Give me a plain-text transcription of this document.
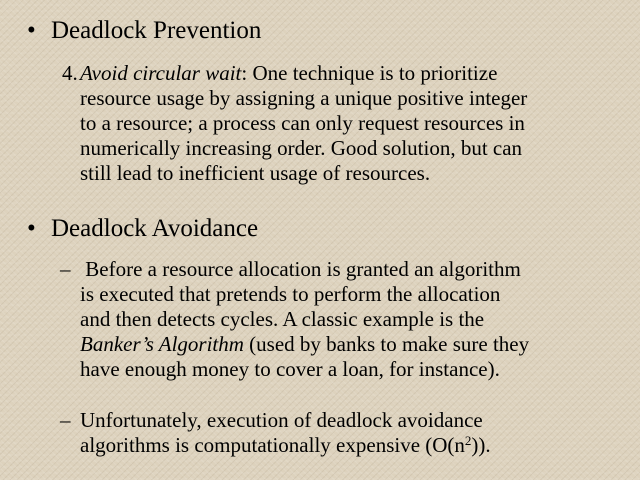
• Deadlock Prevention
4. Avoid circular wait: One technique is to prioritize
resource usage by assigning a unique positive integer
to a resource; a process can only request resources in
numerically increasing order. Good solution, but can
still lead to inefficient usage of resources.
• Deadlock Avoidance
– Before a resource allocation is granted an algorithm
is executed that pretends to perform the allocation
and then detects cycles. A classic example is the
Banker’s Algorithm (used by banks to make sure they
have enough money to cover a loan, for instance).
– Unfortunately, execution of deadlock avoidance
algorithms is computationally expensive $(O(n^2))$.
